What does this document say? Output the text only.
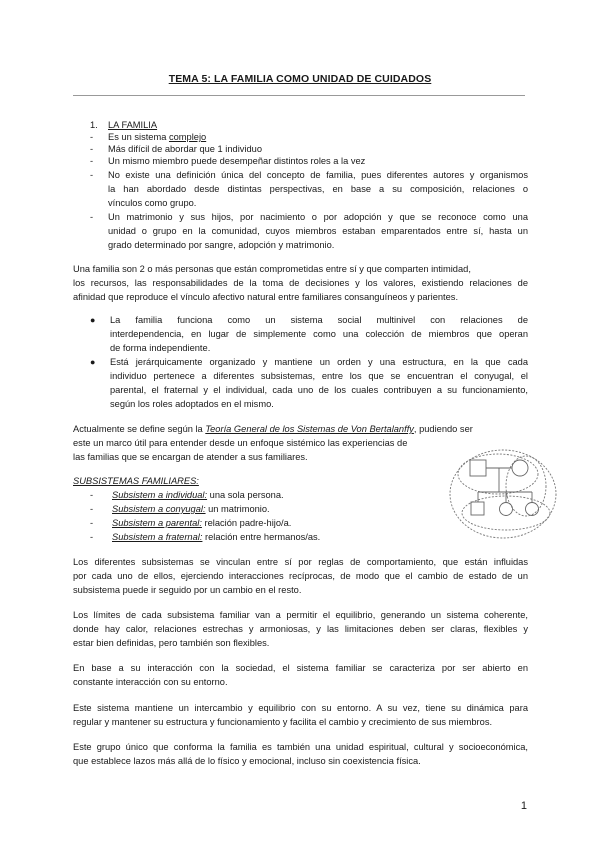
TEMA 5: LA FAMILIA COMO UNIDAD DE CUIDADOS
1. LA FAMILIA
- Es un sistema complejo
- Más difícil de abordar que 1 individuo
- Un mismo miembro puede desempeñar distintos roles a la vez
- No existe una definición única del concepto de familia, pues diferentes autores y organismos
la han abordado desde distintas perspectivas, en base a su composición, relaciones o
vínculos como grupo.
- Un matrimonio y sus hijos, por nacimiento o por adopción y que se reconoce como una
unidad o grupo en la comunidad, cuyos miembros estaban emparentados entre sí, hasta un
grado determinado por sangre, adopción y matrimonio.
Una familia son 2 o más personas que están comprometidas entre sí y que comparten intimidad,
los recursos, las responsabilidades de la toma de decisiones y los valores, existiendo relaciones de
afinidad que reproduce el vínculo afectivo natural entre familiares consanguíneos y parientes.
● La familia funciona como un sistema social multinivel con relaciones de
interdependencia, en lugar de simplemente como una colección de miembros que operan
de forma independiente.
● Está jerárquicamente organizado y mantiene un orden y una estructura, en la que cada
individuo pertenece a diferentes subsistemas, entre los que se encuentran el conyugal, el
parental, el fraternal y el individual, cada uno de los cuales contribuyen a su funcionamiento,
según los roles adoptados en el mismo.
Actualmente se define según la Teoría General de los Sistemas de Von Bertalanffy, pudiendo ser
este un marco útil para entender desde un enfoque sistémico las experiencias de
las familias que se encargan de atender a sus familiares.
SUBSISTEMAS FAMILIARES:
- Subsistem a individual: una sola persona.
- Subsistem a conyugal: un matrimonio.
- Subsistem a parental: relación padre-hijo/a.
- Subsistem a fraternal: relación entre hermanos/as.
Los diferentes subsistemas se vinculan entre sí por reglas de comportamiento, que están influidas
por cada uno de ellos, ejerciendo interacciones recíprocas, de modo que el cambio de estado de un
subsistema puede ir seguido por un cambio en el resto.
Los límites de cada subsistema familiar van a permitir el equilibrio, generando un sistema coherente,
donde hay calor, relaciones estrechas y armoniosas, y las limitaciones deben ser claras, flexibles y
estar bien definidas, pero también son flexibles.
En base a su interacción con la sociedad, el sistema familiar se caracteriza por ser abierto en
constante interacción con su entorno.
Este sistema mantiene un intercambio y equilibrio con su entorno. A su vez, tiene su dinámica para
regular y mantener su estructura y funcionamiento y facilita el cambio y crecimiento de sus miembros.
Este grupo único que conforma la familia es también una unidad espiritual, cultural y socioeconómica,
que establece lazos más allá de lo físico y emocional, incluso sin coexistencia física.
1
